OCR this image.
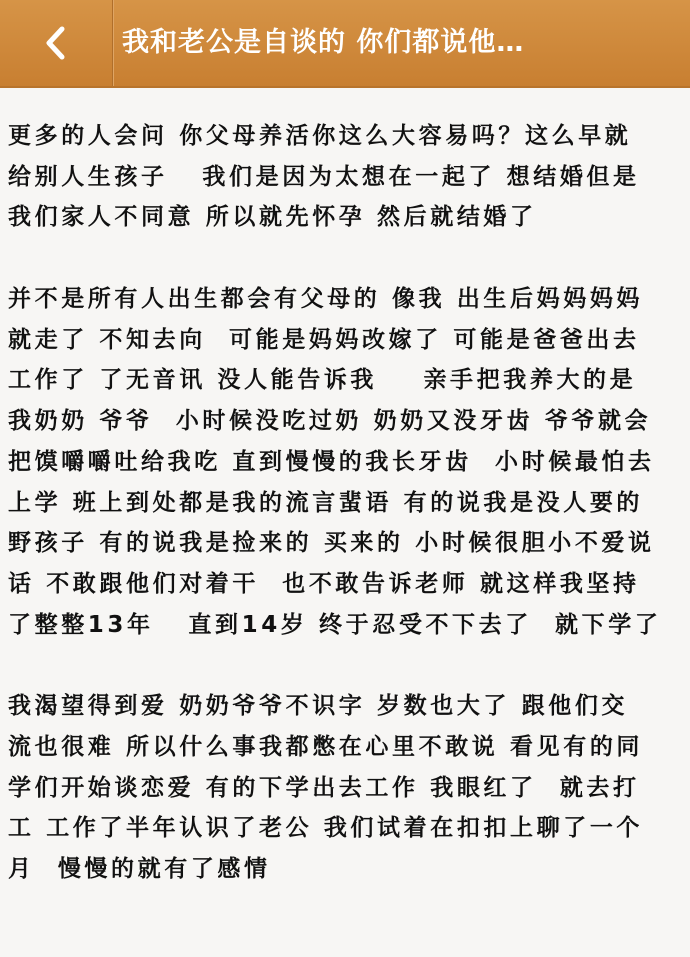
我和老公是自谈的 你们都说他…
更多的人会问 你父母养活你这么大容易吗？这么早就
给别人生孩子   我们是因为太想在一起了 想结婚但是
我们家人不同意 所以就先怀孕 然后就结婚了
并不是所有人出生都会有父母的 像我 出生后妈妈妈妈
就走了 不知去向  可能是妈妈改嫁了 可能是爸爸出去
工作了 了无音讯 没人能告诉我    亲手把我养大的是
我奶奶 爷爷  小时候没吃过奶 奶奶又没牙齿 爷爷就会
把馍嚼嚼吐给我吃 直到慢慢的我长牙齿  小时候最怕去
上学 班上到处都是我的流言蜚语 有的说我是没人要的
野孩子 有的说我是捡来的 买来的 小时候很胆小不爱说
话 不敢跟他们对着干  也不敢告诉老师 就这样我坚持
了整整13年   直到14岁 终于忍受不下去了  就下学了
我渴望得到爱 奶奶爷爷不识字 岁数也大了 跟他们交
流也很难 所以什么事我都憋在心里不敢说 看见有的同
学们开始谈恋爱 有的下学出去工作 我眼红了  就去打
工 工作了半年认识了老公 我们试着在扣扣上聊了一个
月  慢慢的就有了感情
